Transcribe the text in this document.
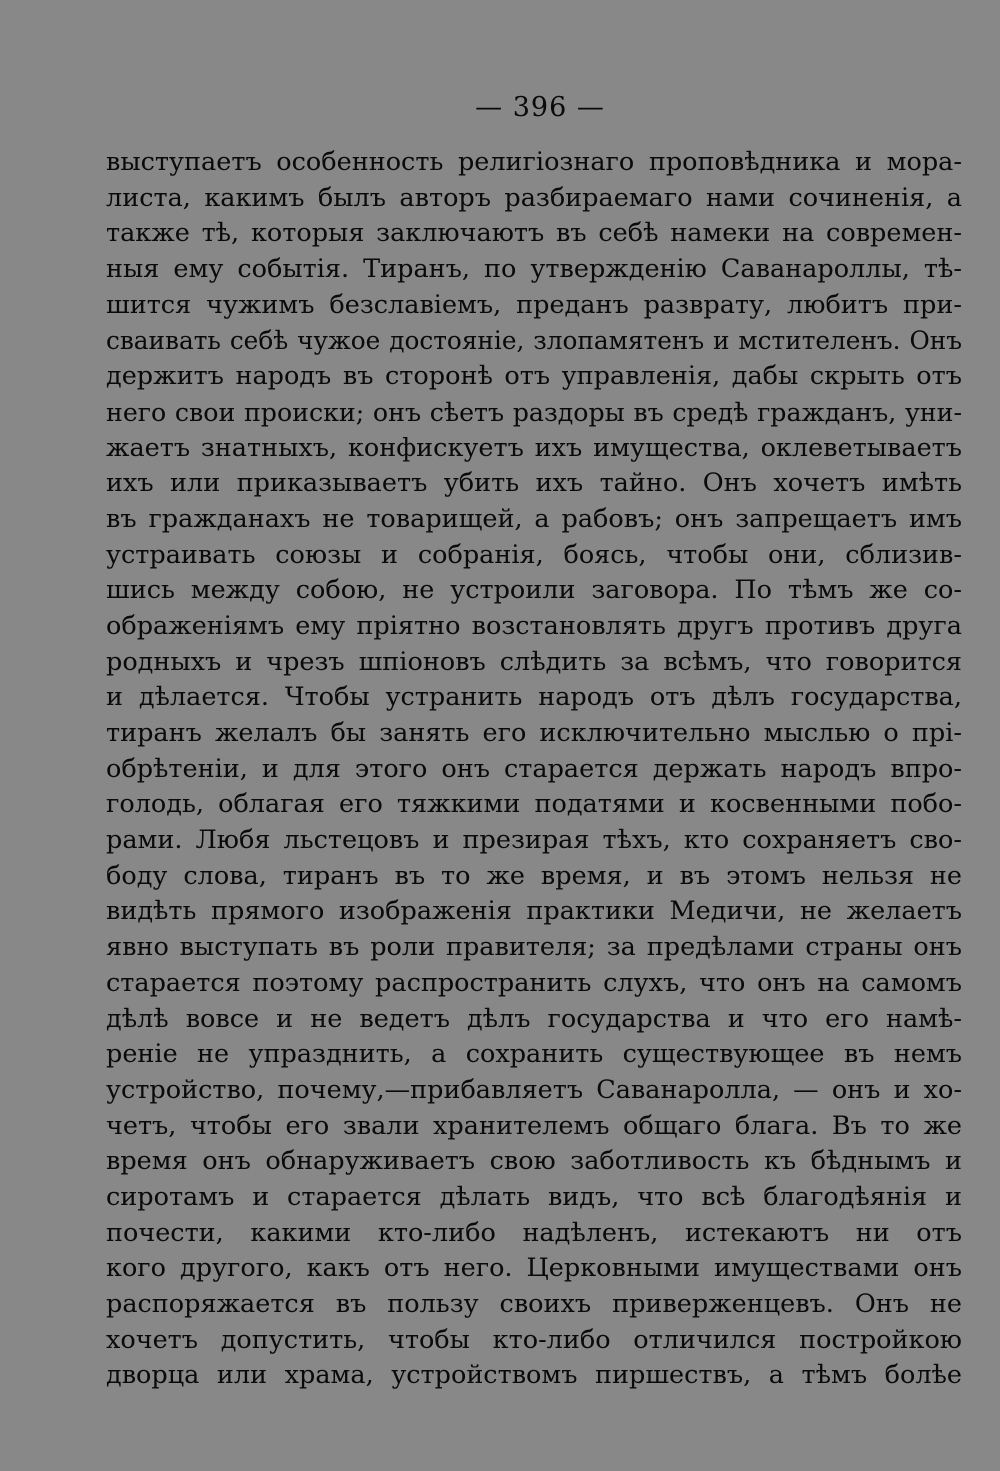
— 396 —
выступаетъ особенность религіознаго проповѣдника и мора-
листа, какимъ былъ авторъ разбираемаго нами сочиненія, а
также тѣ, которыя заключаютъ въ себѣ намеки на современ-
ныя ему событія. Тиранъ, по утвержденію Саванароллы, тѣ-
шится чужимъ безславіемъ, преданъ разврату, любитъ при-
сваивать себѣ чужое достояніе, злопамятенъ и мстителенъ. Онъ
держитъ народъ въ сторонѣ отъ управленія, дабы скрыть отъ
него свои происки; онъ сѣетъ раздоры въ средѣ гражданъ, уни-
жаетъ знатныхъ, конфискуетъ ихъ имущества, оклеветываетъ
ихъ или приказываетъ убить ихъ тайно. Онъ хочетъ имѣть
въ гражданахъ не товарищей, а рабовъ; онъ запрещаетъ имъ
устраивать союзы и собранія, боясь, чтобы они, сблизив-
шись между собою, не устроили заговора. По тѣмъ же со-
ображеніямъ ему пріятно возстановлять другъ противъ друга
родныхъ и чрезъ шпіоновъ слѣдить за всѣмъ, что говорится
и дѣлается. Чтобы устранить народъ отъ дѣлъ государства,
тиранъ желалъ бы занять его исключительно мыслью о прі-
обрѣтеніи, и для этого онъ старается держать народъ впро-
голодь, облагая его тяжкими податями и косвенными побо-
рами. Любя льстецовъ и презирая тѣхъ, кто сохраняетъ сво-
боду слова, тиранъ въ то же время, и въ этомъ нельзя не
видѣть прямого изображенія практики Медичи, не желаетъ
явно выступать въ роли правителя; за предѣлами страны онъ
старается поэтому распространить слухъ, что онъ на самомъ
дѣлѣ вовсе и не ведетъ дѣлъ государства и что его намѣ-
реніе не упразднить, а сохранить существующее въ немъ
устройство, почему,—прибавляетъ Саванаролла, — онъ и хо-
четъ, чтобы его звали хранителемъ общаго блага. Въ то же
время онъ обнаруживаетъ свою заботливость къ бѣднымъ и
сиротамъ и старается дѣлать видъ, что всѣ благодѣянія и
почести, какими кто-либо надѣленъ, истекаютъ ни отъ
кого другого, какъ отъ него. Церковными имуществами онъ
распоряжается въ пользу своихъ приверженцевъ. Онъ не
хочетъ допустить, чтобы кто-либо отличился постройкою
дворца или храма, устройствомъ пиршествъ, а тѣмъ болѣе
